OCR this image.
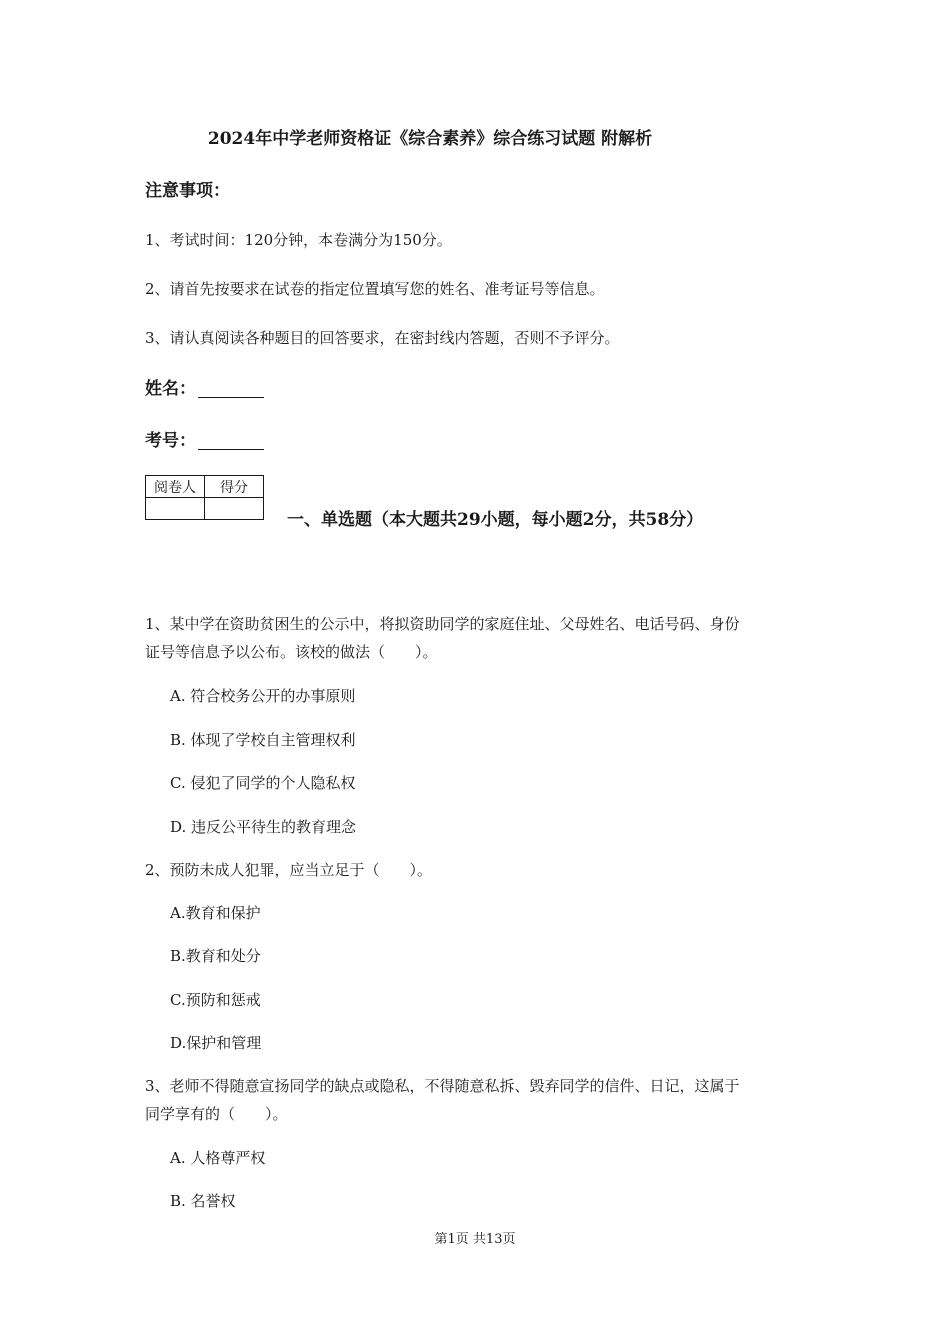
2024年中学老师资格证《综合素养》综合练习试题 附解析
注意事项：
1、考试时间：120分钟，本卷满分为150分。
2、请首先按要求在试卷的指定位置填写您的姓名、准考证号等信息。
3、请认真阅读各种题目的回答要求，在密封线内答题，否则不予评分。
姓名：
考号：
阅卷人	得分

一、单选题（本大题共29小题，每小题2分，共58分）
1、某中学在资助贫困生的公示中，将拟资助同学的家庭住址、父母姓名、电话号码、身份
证号等信息予以公布。该校的做法（　　）。
A. 符合校务公开的办事原则
B. 体现了学校自主管理权利
C. 侵犯了同学的个人隐私权
D. 违反公平待生的教育理念
2、预防未成人犯罪，应当立足于（　　）。
A.教育和保护
B.教育和处分
C.预防和惩戒
D.保护和管理
3、老师不得随意宣扬同学的缺点或隐私，不得随意私拆、毁弃同学的信件、日记，这属于
同学享有的（　　）。
A. 人格尊严权
B. 名誉权
第1页 共13页
